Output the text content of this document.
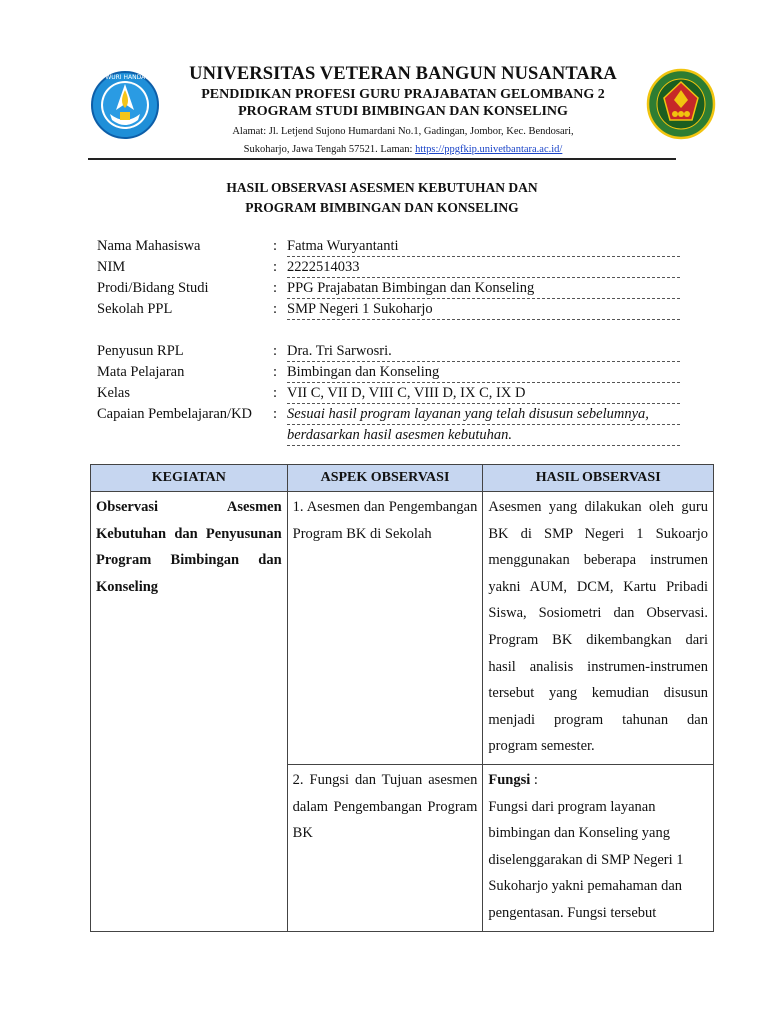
TUT WURI HANDAYANI	UNIVERSITAS VETERAN BANGUN NUSANTARA
PENDIDIKAN PROFESI GURU PRAJABATAN GELOMBANG 2
PROGRAM STUDI BIMBINGAN DAN KONSELING
Alamat: Jl. Letjend Sujono Humardani No.1, Gadingan, Jombor, Kec. Bendosari,
Sukoharjo, Jawa Tengah 57521. Laman: https://ppgfkip.univetbantara.ac.id/
HASIL OBSERVASI ASESMEN KEBUTUHAN DAN
PROGRAM BIMBINGAN DAN KONSELING
Nama Mahasiswa	: Fatma Wuryantanti
NIM	: 2222514033
Prodi/Bidang Studi	: PPG Prajabatan Bimbingan dan Konseling
Sekolah PPL	: SMP Negeri 1 Sukoharjo
Penyusun RPL	: Dra. Tri Sarwosri.
Mata Pelajaran	: Bimbingan dan Konseling
Kelas	: VII C, VII D, VIII C, VIII D, IX C, IX D
Capaian Pembelajaran/KD : Sesuai hasil program layanan yang telah disusun sebelumnya,
berdasarkan hasil asesmen kebutuhan.
KEGIATAN	ASPEK OBSERVASI	HASIL OBSERVASI
Observasi Asesmen Kebutuhan dan Penyusunan Program Bimbingan dan Konseling	1. Asesmen dan Pengembangan Program BK di Sekolah	Asesmen yang dilakukan oleh guru BK di SMP Negeri 1 Sukoarjo menggunakan beberapa instrumen yakni AUM, DCM, Kartu Pribadi Siswa, Sosiometri dan Observasi. Program BK dikembangkan dari hasil analisis instrumen-instrumen tersebut yang kemudian disusun menjadi program tahunan dan program semester.
	2. Fungsi dan Tujuan asesmen dalam Pengembangan Program BK	Fungsi :
Fungsi dari program layanan bimbingan dan Konseling yang diselenggarakan di SMP Negeri 1 Sukoharjo yakni pemahaman dan pengentasan. Fungsi tersebut
